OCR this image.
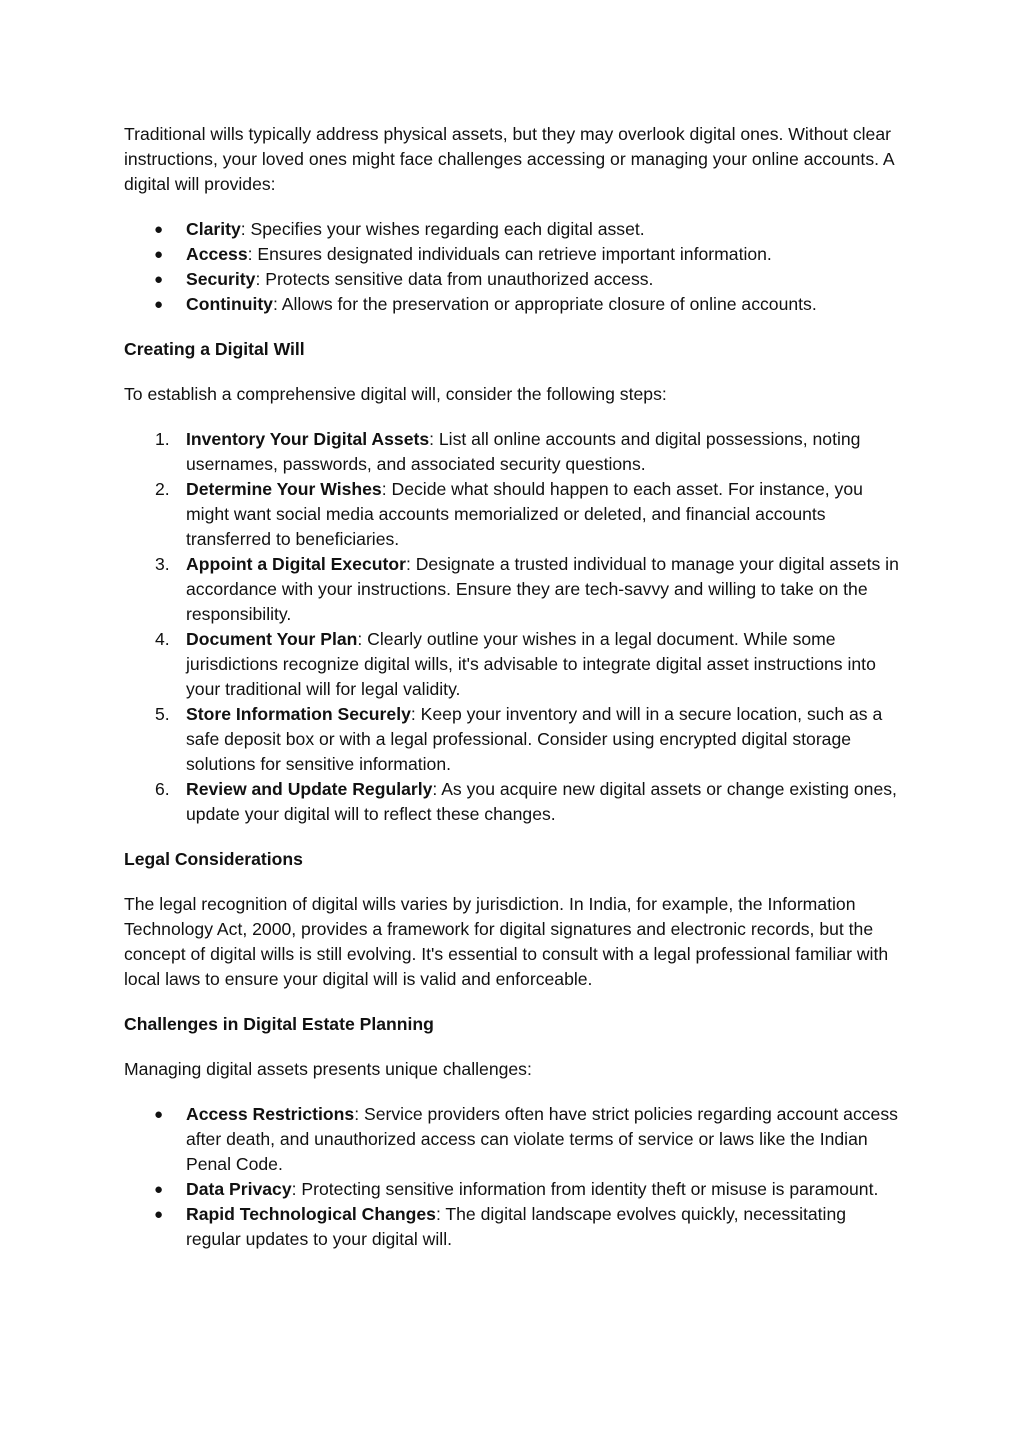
Traditional wills typically address physical assets, but they may overlook digital ones. Without clear instructions, your loved ones might face challenges accessing or managing your online accounts. A digital will provides:

● Clarity: Specifies your wishes regarding each digital asset.
● Access: Ensures designated individuals can retrieve important information.
● Security: Protects sensitive data from unauthorized access.
● Continuity: Allows for the preservation or appropriate closure of online accounts.

Creating a Digital Will

To establish a comprehensive digital will, consider the following steps:

1. Inventory Your Digital Assets: List all online accounts and digital possessions, noting usernames, passwords, and associated security questions.
2. Determine Your Wishes: Decide what should happen to each asset. For instance, you might want social media accounts memorialized or deleted, and financial accounts transferred to beneficiaries.
3. Appoint a Digital Executor: Designate a trusted individual to manage your digital assets in accordance with your instructions. Ensure they are tech-savvy and willing to take on the responsibility.
4. Document Your Plan: Clearly outline your wishes in a legal document. While some jurisdictions recognize digital wills, it's advisable to integrate digital asset instructions into your traditional will for legal validity.
5. Store Information Securely: Keep your inventory and will in a secure location, such as a safe deposit box or with a legal professional. Consider using encrypted digital storage solutions for sensitive information.
6. Review and Update Regularly: As you acquire new digital assets or change existing ones, update your digital will to reflect these changes.

Legal Considerations

The legal recognition of digital wills varies by jurisdiction. In India, for example, the Information Technology Act, 2000, provides a framework for digital signatures and electronic records, but the concept of digital wills is still evolving. It's essential to consult with a legal professional familiar with local laws to ensure your digital will is valid and enforceable.

Challenges in Digital Estate Planning

Managing digital assets presents unique challenges:

● Access Restrictions: Service providers often have strict policies regarding account access after death, and unauthorized access can violate terms of service or laws like the Indian Penal Code.
● Data Privacy: Protecting sensitive information from identity theft or misuse is paramount.
● Rapid Technological Changes: The digital landscape evolves quickly, necessitating regular updates to your digital will.
